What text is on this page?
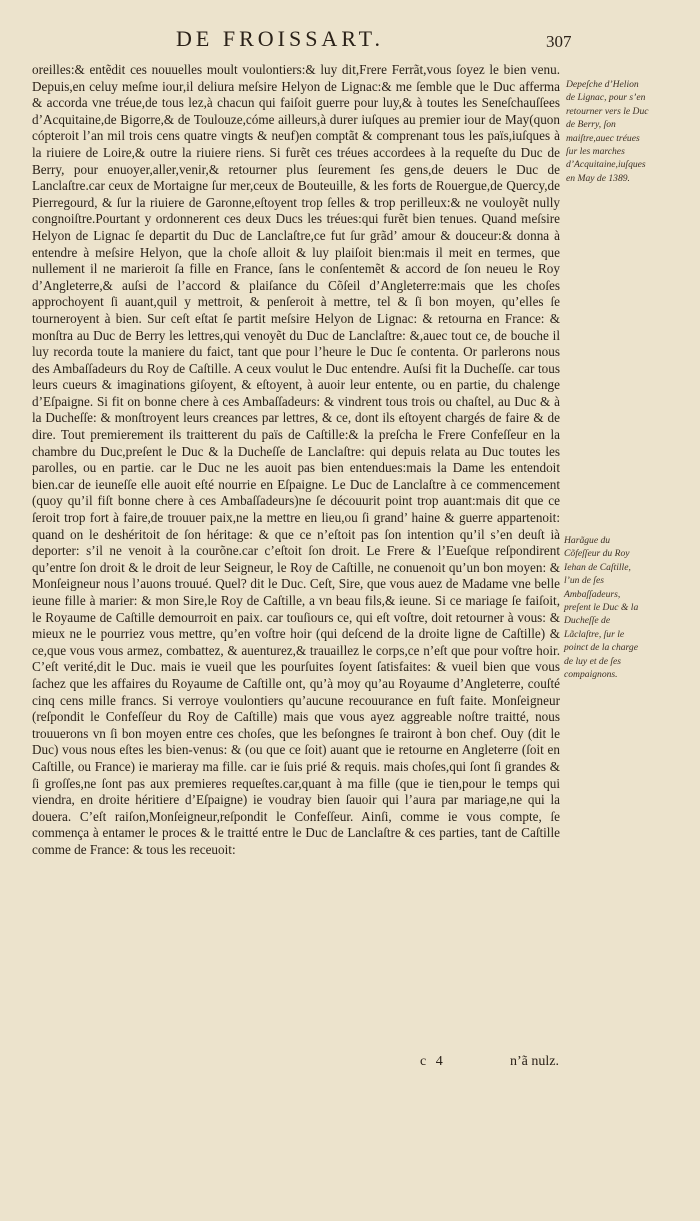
DE FROISSART.	307

oreilles:& entẽdit ces nouuelles moult voulontiers:& luy dit,Frere Ferrãt,vous ſoyez le bien venu. Depuis,en celuy meſme iour,il deliura meſsire Helyon de Lignac:& me ſemble que le Duc afferma & accorda vne tréue,de tous lez,à chacun qui faiſoit guerre pour luy,& à toutes les Seneſchauſſees d’Acquitaine,de Bigorre,& de Toulouze,cóme ailleurs,à durer iuſques au premier iour de May(quon cópteroit l’an mil trois cens quatre vingts & neuf)en comptãt & comprenant tous les païs,iuſques à la riuiere de Loire,& outre la riuiere riens. Si furẽt ces tréues accordees à la requeſte du Duc de Berry, pour enuoyer,aller,venir,& retourner plus ſeurement ſes gens,de deuers le Duc de Lanclaſtre.car ceux de Mortaigne ſur mer,ceux de Bouteuille, & les forts de Rouergue,de Quercy,de Pierregourd, & ſur la riuiere de Garonne,eſtoyent trop ſelles & trop perilleux:& ne vouloyẽt nully congnoiſtre.Pourtant y ordonnerent ces deux Ducs les tréues:qui furẽt bien tenues. Quand meſsire Helyon de Lignac ſe departit du Duc de Lanclaſtre,ce fut ſur grãd’ amour & douceur:& donna à entendre à meſsire Helyon, que la choſe alloit & luy plaiſoit bien:mais il meit en termes, que nullement il ne marieroit ſa fille en France, ſans le conſentemẽt & accord de ſon neueu le Roy d’Angleterre,& auſsi de l’accord & plaiſance du Cõſeil d’Angleterre:mais que les choſes approchoyent ſi auant,quil y mettroit, & penſeroit à mettre, tel & ſi bon moyen, qu’elles ſe tourneroyent à bien. Sur ceſt eſtat ſe partit meſsire Helyon de Lignac: & retourna en France: & monſtra au Duc de Berry les lettres,qui venoyẽt du Duc de Lanclaſtre: &,auec tout ce, de bouche il luy recorda toute la maniere du faict, tant que pour l’heure le Duc ſe contenta. Or parlerons nous des Ambaſſadeurs du Roy de Caſtille. A ceux voulut le Duc entendre. Auſsi fit la Ducheſſe. car tous leurs cueurs & imaginations giſoyent, & eſtoyent, à auoir leur entente, ou en partie, du chalenge d’Eſpaigne. Si fit on bonne chere à ces Ambaſſadeurs: & vindrent tous trois ou chaſtel, au Duc & à la Ducheſſe: & monſtroyent leurs creances par lettres, & ce, dont ils eſtoyent chargés de faire & de dire. Tout premierement ils traitterent du païs de Caſtille:& la preſcha le Frere Confeſſeur en la chambre du Duc,preſent le Duc & la Ducheſſe de Lanclaſtre: qui depuis relata au Duc toutes les parolles, ou en partie. car le Duc ne les auoit pas bien entendues:mais la Dame les entendoit bien.car de ieuneſſe elle auoit eſté nourrie en Eſpaigne. Le Duc de Lanclaſtre à ce commencement (quoy qu’il fiſt bonne chere à ces Ambaſſadeurs)ne ſe découurit point trop auant:mais dit que ce ſeroit trop fort à faire,de trouuer paix,ne la mettre en lieu,ou ſi grand’ haine & guerre appartenoit: quand on le deshéritoit de ſon héritage: & que ce n’eſtoit pas ſon intention qu’il s’en deuſt ià deporter: s’il ne venoit à la courõne.car c’eſtoit ſon droit. Le Frere & l’Eueſque reſpondirent qu’entre ſon droit & le droit de leur Seigneur, le Roy de Caſtille, ne conuenoit qu’un bon moyen: & Monſeigneur nous l’auons trouué. Quel? dit le Duc. Ceſt, Sire, que vous auez de Madame vne belle ieune fille à marier: & mon Sire,le Roy de Caſtille, a vn beau fils,& ieune. Si ce mariage ſe faiſoit, le Royaume de Caſtille demourroit en paix. car touſiours ce, qui eſt voſtre, doit retourner à vous: & mieux ne le pourriez vous mettre, qu’en voſtre hoir (qui deſcend de la droite ligne de Caſtille) & ce,que vous vous armez, combattez, & auenturez,& trauaillez le corps,ce n’eſt que pour voſtre hoir. C’eſt verité,dit le Duc. mais ie vueil que les pourſuites ſoyent ſatisfaites: & vueil bien que vous ſachez que les affaires du Royaume de Caſtille ont, qu’à moy qu’au Royaume d’Angleterre, couſté cinq cens mille francs. Si verroye voulontiers qu’aucune recouurance en fuſt faite. Monſeigneur (reſpondit le Confeſſeur du Roy de Caſtille) mais que vous ayez aggreable noſtre traitté, nous trouuerons vn ſi bon moyen entre ces choſes, que les beſongnes ſe trairont à bon chef. Ouy (dit le Duc) vous nous eſtes les bien-venus: & (ou que ce ſoit) auant que ie retourne en Angleterre (ſoit en Caſtille, ou France) ie marieray ma fille. car ie ſuis prié & requis. mais choſes,qui ſont ſi grandes & ſi groſſes,ne ſont pas aux premieres requeſtes.car,quant à ma fille (que ie tien,pour le temps qui viendra, en droite héritiere d’Eſpaigne) ie voudray bien ſauoir qui l’aura par mariage,ne qui la douera. C’eſt raiſon,Monſeigneur,reſpondit le Confeſſeur. Ainſi, comme ie vous compte, ſe commença à entamer le proces & le traitté entre le Duc de Lanclaſtre & ces parties, tant de Caſtille comme de France: & tous les receuoit:

Depeſche d’Helion de Lignac, pour s’en retourner vers le Duc de Berry, ſon maiſtre,auec tréues ſur les marches d’Acquitaine,iuſques en May de 1389.
Harãgue du Cõfeſſeur du Roy Iehan de Caſtille, l’un de ſes Ambaſſadeurs, preſent le Duc & la Ducheſſe de Lãclaſtre, ſur le poinct de la charge de luy et de ſes compaignons.
c 4	n’ã nulz.
